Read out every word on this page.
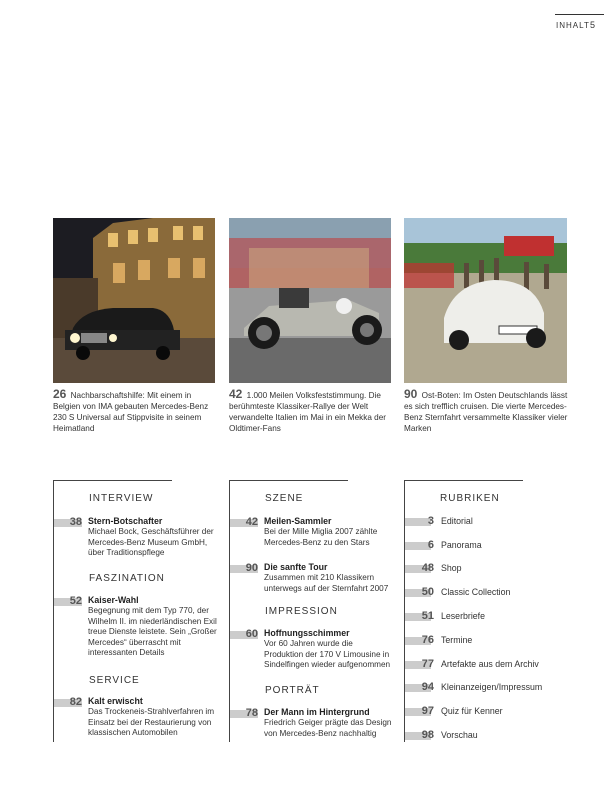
INHALT 5
26 Nachbarschaftshilfe: Mit einem in Belgien von IMA gebauten Mercedes-Benz 230 S Universal auf Stippvisite in seinem Heimatland
42 1.000 Meilen Volksfeststimmung. Die berühmteste Klassiker-Rallye der Welt verwandelte Italien im Mai in ein Mekka der Oldtimer-Fans
90 Ost-Boten: Im Osten Deutschlands lässt es sich trefflich cruisen. Die vierte Mercedes-Benz Sternfahrt versammelte Klassiker vieler Marken
INTERVIEW
38 Stern-Botschafter
Michael Bock, Geschäftsführer der Mercedes-Benz Museum GmbH, über Traditionspflege
FASZINATION
52 Kaiser-Wahl
Begegnung mit dem Typ 770, der Wilhelm II. im niederländischen Exil treue Dienste leistete. Sein „Großer Mercedes“ überrascht mit interessanten Details
SERVICE
82 Kalt erwischt
Das Trockeneis-Strahlverfahren im Einsatz bei der Restaurierung von klassischen Automobilen
SZENE
42 Meilen-Sammler
Bei der Mille Miglia 2007 zählte Mercedes-Benz zu den Stars
90 Die sanfte Tour
Zusammen mit 210 Klassikern unterwegs auf der Sternfahrt 2007
IMPRESSION
60 Hoffnungsschimmer
Vor 60 Jahren wurde die Produktion der 170 V Limousine in Sindelfingen wieder aufgenommen
PORTRÄT
78 Der Mann im Hintergrund
Friedrich Geiger prägte das Design von Mercedes-Benz nachhaltig
RUBRIKEN
3 Editorial
6 Panorama
48 Shop
50 Classic Collection
51 Leserbriefe
76 Termine
77 Artefakte aus dem Archiv
94 Kleinanzeigen/Impressum
97 Quiz für Kenner
98 Vorschau
